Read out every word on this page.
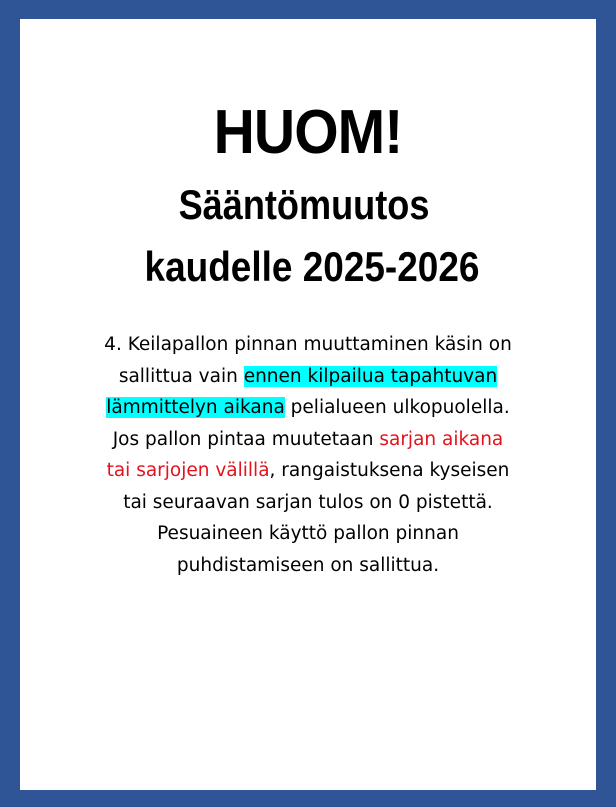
HUOM!
Sääntömuutos
kaudelle 2025-2026
4. Keilapallon pinnan muuttaminen käsin on
sallittua vain ennen kilpailua tapahtuvan
lämmittelyn aikana pelialueen ulkopuolella.
Jos pallon pintaa muutetaan sarjan aikana
tai sarjojen välillä, rangaistuksena kyseisen
tai seuraavan sarjan tulos on 0 pistettä.
Pesuaineen käyttö pallon pinnan
puhdistamiseen on sallittua.
